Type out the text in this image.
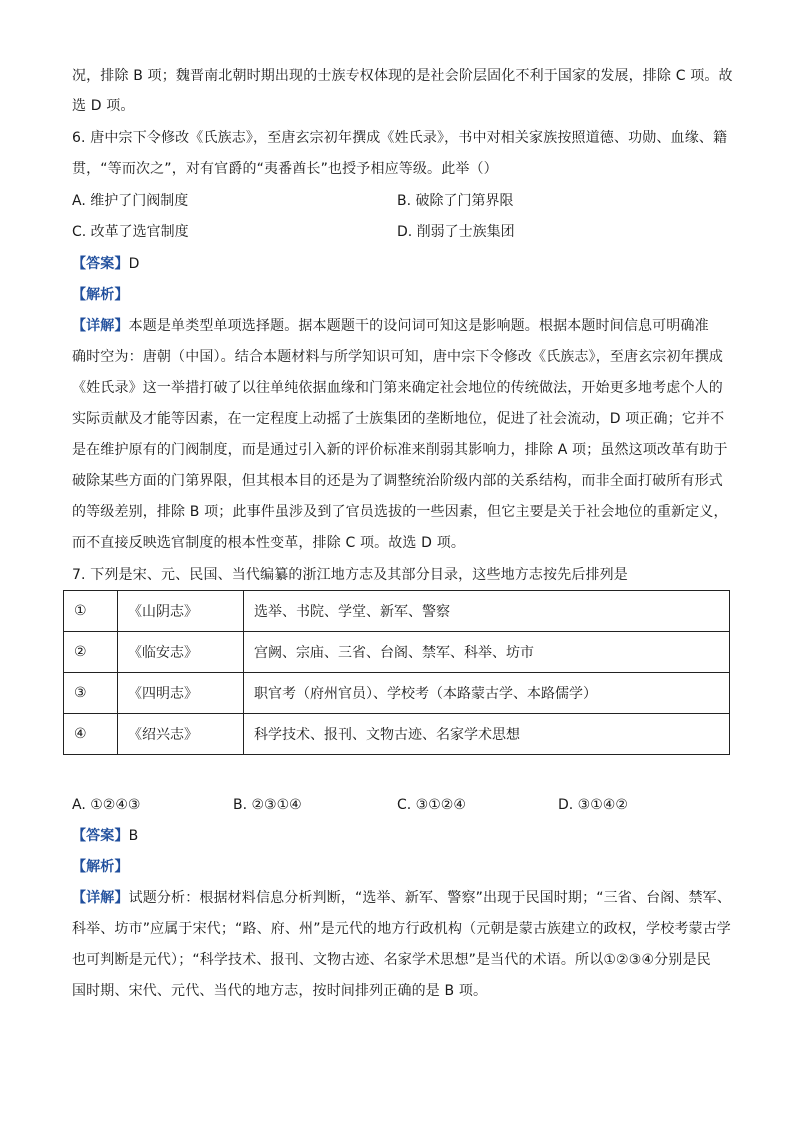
况，排除 B 项；魏晋南北朝时期出现的士族专权体现的是社会阶层固化不利于国家的发展，排除 C 项。故
选 D 项。
6. 唐中宗下令修改《氏族志》，至唐玄宗初年撰成《姓氏录》，书中对相关家族按照道德、功勋、血缘、籍
贯，“等而次之”，对有官爵的“夷番酋长”也授予相应等级。此举（）
A. 维护了门阀制度	B. 破除了门第界限
C. 改革了选官制度	D. 削弱了士族集团
【答案】D
【解析】
【详解】本题是单类型单项选择题。据本题题干的设问词可知这是影响题。根据本题时间信息可明确准
确时空为：唐朝（中国）。结合本题材料与所学知识可知，唐中宗下令修改《氏族志》，至唐玄宗初年撰成
《姓氏录》这一举措打破了以往单纯依据血缘和门第来确定社会地位的传统做法，开始更多地考虑个人的
实际贡献及才能等因素，在一定程度上动摇了士族集团的垄断地位，促进了社会流动，D 项正确；它并不
是在维护原有的门阀制度，而是通过引入新的评价标准来削弱其影响力，排除 A 项；虽然这项改革有助于
破除某些方面的门第界限，但其根本目的还是为了调整统治阶级内部的关系结构，而非全面打破所有形式
的等级差别，排除 B 项；此事件虽涉及到了官员选拔的一些因素，但它主要是关于社会地位的重新定义，
而不直接反映选官制度的根本性变革，排除 C 项。故选 D 项。
7. 下列是宋、元、民国、当代编纂的浙江地方志及其部分目录，这些地方志按先后排列是
①	《山阴志》	选举、书院、学堂、新军、警察
②	《临安志》	宫阙、宗庙、三省、台阁、禁军、科举、坊市
③	《四明志》	职官考（府州官员）、学校考（本路蒙古学、本路儒学）
④	《绍兴志》	科学技术、报刊、文物古迹、名家学术思想
A. ①②④③	B. ②③①④	C. ③①②④	D. ③①④②
【答案】B
【解析】
【详解】试题分析：根据材料信息分析判断，“选举、新军、警察”出现于民国时期；“三省、台阁、禁军、
科举、坊市”应属于宋代；“路、府、州”是元代的地方行政机构（元朝是蒙古族建立的政权，学校考蒙古学
也可判断是元代）；“科学技术、报刊、文物古迹、名家学术思想”是当代的术语。所以①②③④分别是民
国时期、宋代、元代、当代的地方志，按时间排列正确的是 B 项。
